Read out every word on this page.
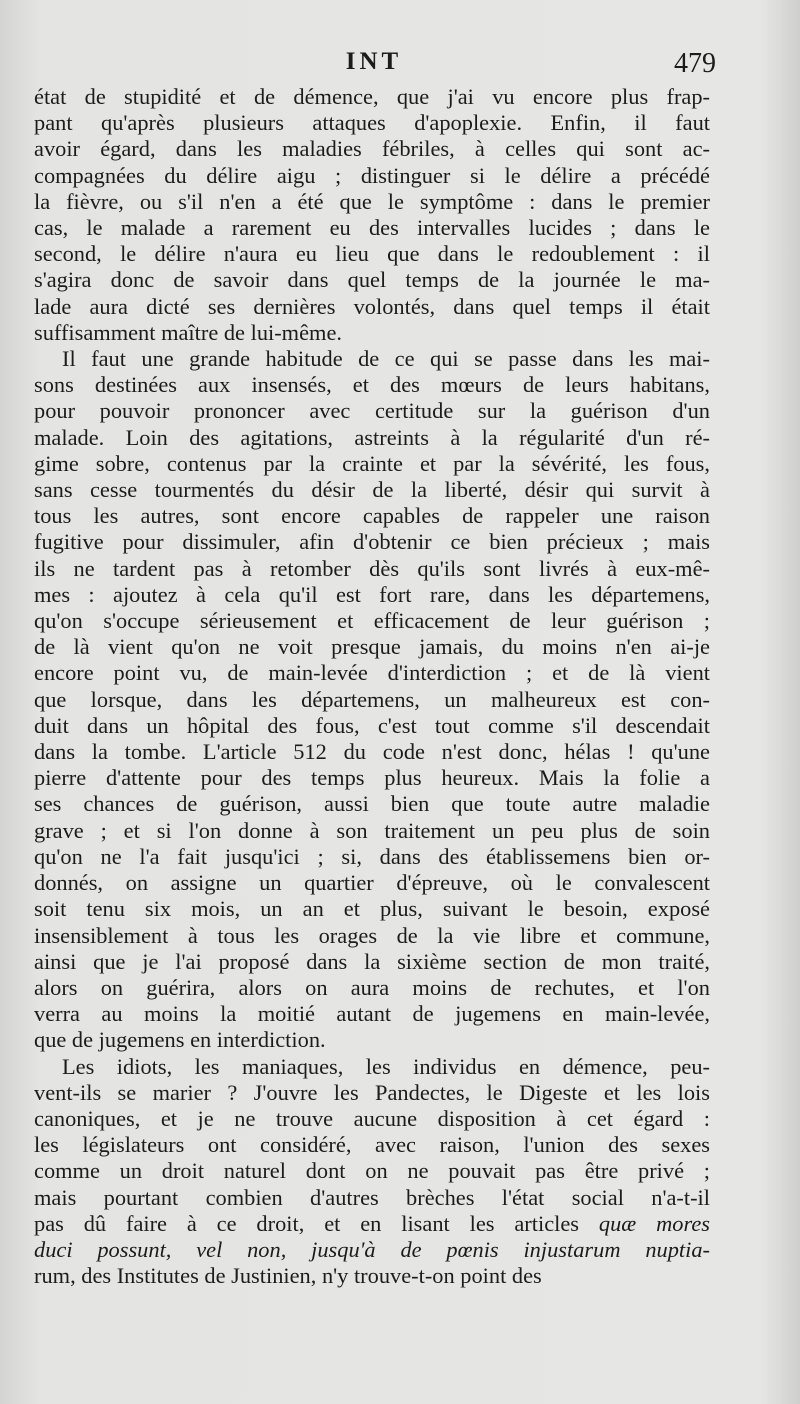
INT	479
état de stupidité et de démence, que j'ai vu encore plus frap-
pant qu'après plusieurs attaques d'apoplexie. Enfin, il faut
avoir égard, dans les maladies fébriles, à celles qui sont ac-
compagnées du délire aigu ; distinguer si le délire a précédé
la fièvre, ou s'il n'en a été que le symptôme : dans le premier
cas, le malade a rarement eu des intervalles lucides ; dans le
second, le délire n'aura eu lieu que dans le redoublement : il
s'agira donc de savoir dans quel temps de la journée le ma-
lade aura dicté ses dernières volontés, dans quel temps il était
suffisamment maître de lui-même.
Il faut une grande habitude de ce qui se passe dans les mai-
sons destinées aux insensés, et des mœurs de leurs habitans,
pour pouvoir prononcer avec certitude sur la guérison d'un
malade. Loin des agitations, astreints à la régularité d'un ré-
gime sobre, contenus par la crainte et par la sévérité, les fous,
sans cesse tourmentés du désir de la liberté, désir qui survit à
tous les autres, sont encore capables de rappeler une raison
fugitive pour dissimuler, afin d'obtenir ce bien précieux ; mais
ils ne tardent pas à retomber dès qu'ils sont livrés à eux-mê-
mes : ajoutez à cela qu'il est fort rare, dans les départemens,
qu'on s'occupe sérieusement et efficacement de leur guérison ;
de là vient qu'on ne voit presque jamais, du moins n'en ai-je
encore point vu, de main-levée d'interdiction ; et de là vient
que lorsque, dans les départemens, un malheureux est con-
duit dans un hôpital des fous, c'est tout comme s'il descendait
dans la tombe. L'article 512 du code n'est donc, hélas ! qu'une
pierre d'attente pour des temps plus heureux. Mais la folie a
ses chances de guérison, aussi bien que toute autre maladie
grave ; et si l'on donne à son traitement un peu plus de soin
qu'on ne l'a fait jusqu'ici ; si, dans des établissemens bien or-
donnés, on assigne un quartier d'épreuve, où le convalescent
soit tenu six mois, un an et plus, suivant le besoin, exposé
insensiblement à tous les orages de la vie libre et commune,
ainsi que je l'ai proposé dans la sixième section de mon traité,
alors on guérira, alors on aura moins de rechutes, et l'on
verra au moins la moitié autant de jugemens en main-levée,
que de jugemens en interdiction.
Les idiots, les maniaques, les individus en démence, peu-
vent-ils se marier ? J'ouvre les Pandectes, le Digeste et les lois
canoniques, et je ne trouve aucune disposition à cet égard :
les législateurs ont considéré, avec raison, l'union des sexes
comme un droit naturel dont on ne pouvait pas être privé ;
mais pourtant combien d'autres brèches l'état social n'a-t-il
pas dû faire à ce droit, et en lisant les articles quæ mores
duci possunt, vel non, jusqu'à de pœnis injustarum nuptia-
rum, des Institutes de Justinien, n'y trouve-t-on point des
